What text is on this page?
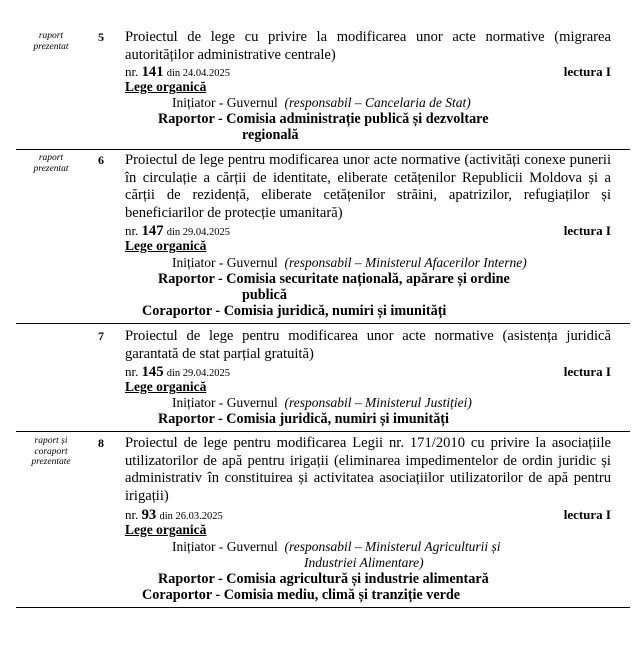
raport
prezentat
5 Proiectul de lege cu privire la modificarea unor acte normative (migrarea autorităților administrative centrale)
nr. 141 din 24.04.2025	lectura I
Lege organică
Inițiator - Guvernul (responsabil – Cancelaria de Stat)
Raportor - Comisia administrație publică și dezvoltare
regională
raport
prezentat
6 Proiectul de lege pentru modificarea unor acte normative (activități conexe punerii în circulație a cărții de identitate, eliberate cetățenilor Republicii Moldova și a cărții de rezidență, eliberate cetățenilor străini, apatrizilor, refugiaților și beneficiarilor de protecție umanitară)
nr. 147 din 29.04.2025	lectura I
Lege organică
Inițiator - Guvernul (responsabil – Ministerul Afacerilor Interne)
Raportor - Comisia securitate națională, apărare și ordine
publică
Coraportor - Comisia juridică, numiri și imunități
7 Proiectul de lege pentru modificarea unor acte normative (asistența juridică garantată de stat parțial gratuită)
nr. 145 din 29.04.2025	lectura I
Lege organică
Inițiator - Guvernul (responsabil – Ministerul Justiției)
Raportor - Comisia juridică, numiri și imunități
raport și
coraport
prezentate
8 Proiectul de lege pentru modificarea Legii nr. 171/2010 cu privire la asociațiile utilizatorilor de apă pentru irigații (eliminarea impedimentelor de ordin juridic și administrativ în constituirea și activitatea asociațiilor utilizatorilor de apă pentru irigații)
nr. 93 din 26.03.2025	lectura I
Lege organică
Inițiator - Guvernul (responsabil – Ministerul Agriculturii și
Industriei Alimentare)
Raportor - Comisia agricultură și industrie alimentară
Coraportor - Comisia mediu, climă și tranziție verde
